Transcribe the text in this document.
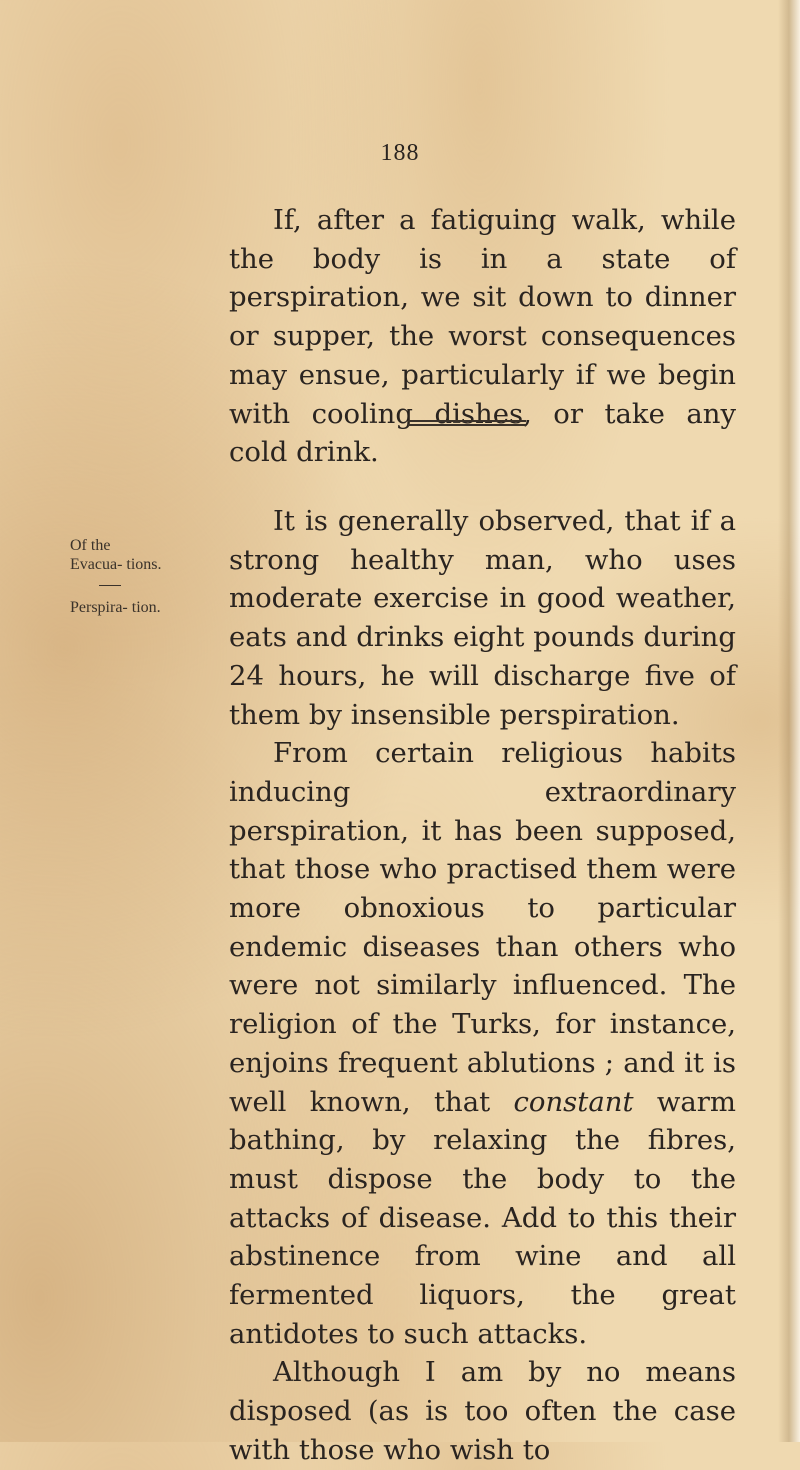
188

If, after a fatiguing walk, while the body is in a state of perspiration, we sit down to dinner or supper, the worst consequences may ensue, particularly if we begin with cooling dishes, or take any cold drink.

Of the Evacua- tions.
Perspira- tion.

It is generally observed, that if a strong healthy man, who uses moderate exercise in good weather, eats and drinks eight pounds during 24 hours, he will discharge five of them by insensible perspiration.

From certain religious habits inducing extraordinary perspiration, it has been supposed, that those who practised them were more obnoxious to particular endemic diseases than others who were not similarly influenced. The religion of the Turks, for instance, enjoins frequent ablutions ; and it is well known, that constant warm bathing, by relaxing the fibres, must dispose the body to the attacks of disease. Add to this their abstinence from wine and all fermented liquors, the great antidotes to such attacks.

Although I am by no means disposed (as is too often the case with those who wish to
